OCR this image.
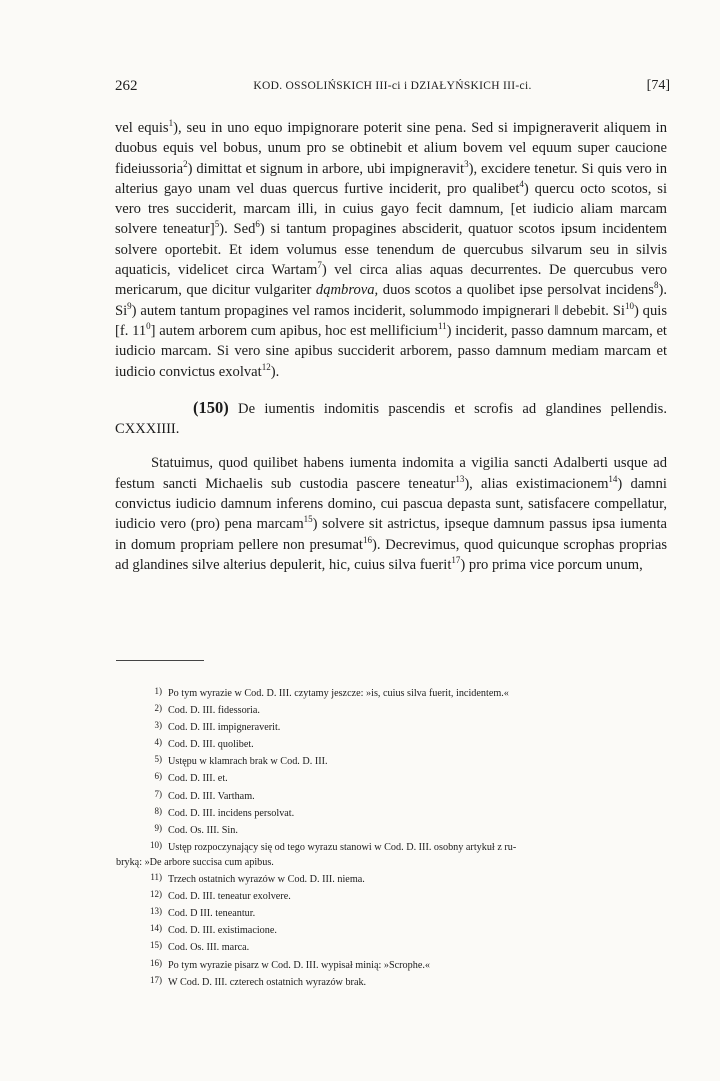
262	KOD. OSSOLIŃSKICH III-ci i DZIAŁYŃSKICH III-ci.	[74]

vel equis$^1$), seu in uno equo impignorare poterit sine pena. Sed si impigneraverit aliquem in duobus equis vel bobus, unum pro se obtinebit et alium bovem vel equum super caucione fideiussoria$^2$) dimittat et signum in arbore, ubi impigneravit$^3$), excidere tenetur. Si quis vero in alterius gayo unam vel duas quercus furtive inciderit, pro qualibet$^4$) quercu octo scotos, si vero tres succiderit, marcam illi, in cuius gayo fecit damnum, [et iudicio aliam marcam solvere teneatur]$^5$). Sed$^6$) si tantum propagines absciderit, quatuor scotos ipsum incidentem solvere oportebit. Et idem volumus esse tenendum de quercubus silvarum seu in silvis aquaticis, videlicet circa Wartam$^7$) vel circa alias aquas decurrentes. De quercubus vero mericarum, que dicitur vulgariter dąmbrova, duos scotos a quolibet ipse persolvat incidens$^8$). Si$^9$) autem tantum propagines vel ramos inciderit, solummodo impignerari ‖ debebit. Si$^{10}$) quis [f. $11^0$] autem arborem cum apibus, hoc est mellificium$^{11}$) inciderit, passo damnum marcam, et iudicio marcam. Si vero sine apibus succiderit arborem, passo damnum mediam marcam et iudicio convictus exolvat$^{12}$).

(150) De iumentis indomitis pascendis et scrofis ad glandines pellendis. CXXXIIII.

Statuimus, quod quilibet habens iumenta indomita a vigilia sancti Adalberti usque ad festum sancti Michaelis sub custodia pascere teneatur$^{13}$), alias existimacionem$^{14}$) damni convictus iudicio damnum inferens domino, cui pascua depasta sunt, satisfacere compellatur, iudicio vero (pro) pena marcam$^{15}$) solvere sit astrictus, ipseque damnum passus ipsa iumenta in domum propriam pellere non presumat$^{16}$). Decrevimus, quod quicunque scrophas proprias ad glandines silve alterius depulerit, hic, cuius silva fuerit$^{17}$) pro prima vice porcum unum,

1) Po tym wyrazie w Cod. D. III. czytamy jeszcze: »is, cuius silva fuerit, incidentem.«
2) Cod. D. III. fidessoria.
3) Cod. D. III. impigneraverit.
4) Cod. D. III. quolibet.
5) Ustępu w klamrach brak w Cod. D. III.
6) Cod. D. III. et.
7) Cod. D. III. Vartham.
8) Cod. D. III. incidens persolvat.
9) Cod. Os. III. Sin.
10) Ustęp rozpoczynający się od tego wyrazu stanowi w Cod. D. III. osobny artykuł z ru-
bryką: »De arbore succisa cum apibus.
11) Trzech ostatnich wyrazów w Cod. D. III. niema.
12) Cod. D. III. teneatur exolvere.
13) Cod. D III. teneantur.
14) Cod. D. III. existimacione.
15) Cod. Os. III. marca.
16) Po tym wyrazie pisarz w Cod. D. III. wypisał minią: »Scrophe.«
17) W Cod. D. III. czterech ostatnich wyrazów brak.
